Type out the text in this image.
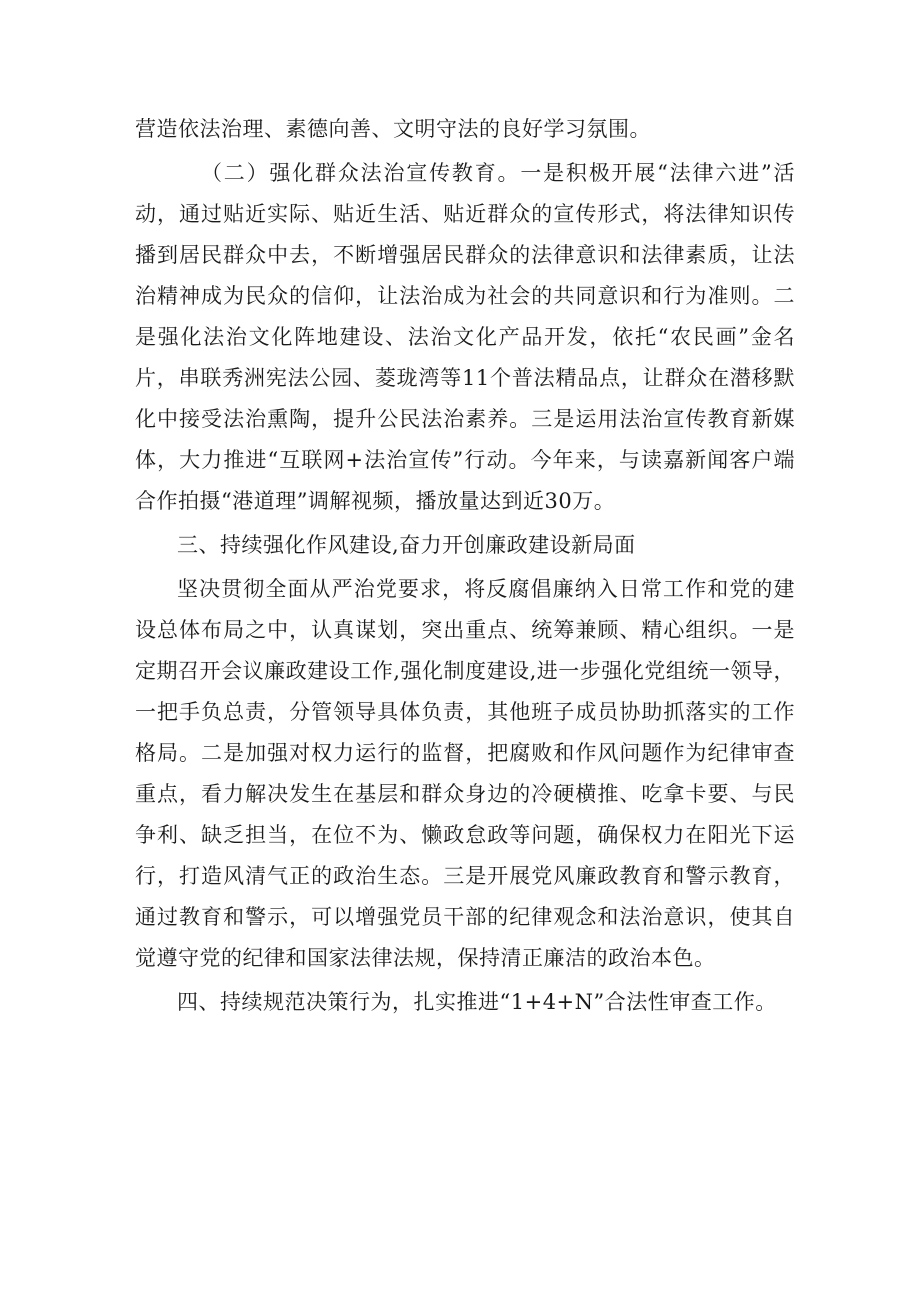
营造依法治理、素德向善、文明守法的良好学习氛围。
（二）强化群众法治宣传教育。一是积极开展“法律六进”活
动，通过贴近实际、贴近生活、贴近群众的宣传形式，将法律知识传
播到居民群众中去，不断增强居民群众的法律意识和法律素质，让法
治精神成为民众的信仰，让法治成为社会的共同意识和行为准则。二
是强化法治文化阵地建设、法治文化产品开发，依托“农民画”金名
片，串联秀洲宪法公园、菱珑湾等11个普法精品点，让群众在潜移默
化中接受法治熏陶，提升公民法治素养。三是运用法治宣传教育新媒
体，大力推进“互联网+法治宣传”行动。今年来，与读嘉新闻客户端
合作拍摄“港道理”调解视频，播放量达到近30万。
三、持续强化作风建设,奋力开创廉政建设新局面
坚决贯彻全面从严治党要求，将反腐倡廉纳入日常工作和党的建
设总体布局之中，认真谋划，突出重点、统筹兼顾、精心组织。一是
定期召开会议廉政建设工作,强化制度建设,进一步强化党组统一领导，
一把手负总责，分管领导具体负责，其他班子成员协助抓落实的工作
格局。二是加强对权力运行的监督，把腐败和作风问题作为纪律审查
重点，看力解决发生在基层和群众身边的冷硬横推、吃拿卡要、与民
争利、缺乏担当，在位不为、懒政怠政等问题，确保权力在阳光下运
行，打造风清气正的政治生态。三是开展党风廉政教育和警示教育，
通过教育和警示，可以增强党员干部的纪律观念和法治意识，使其自
觉遵守党的纪律和国家法律法规，保持清正廉洁的政治本色。
四、持续规范决策行为，扎实推进“1+4+N”合法性审查工作。
